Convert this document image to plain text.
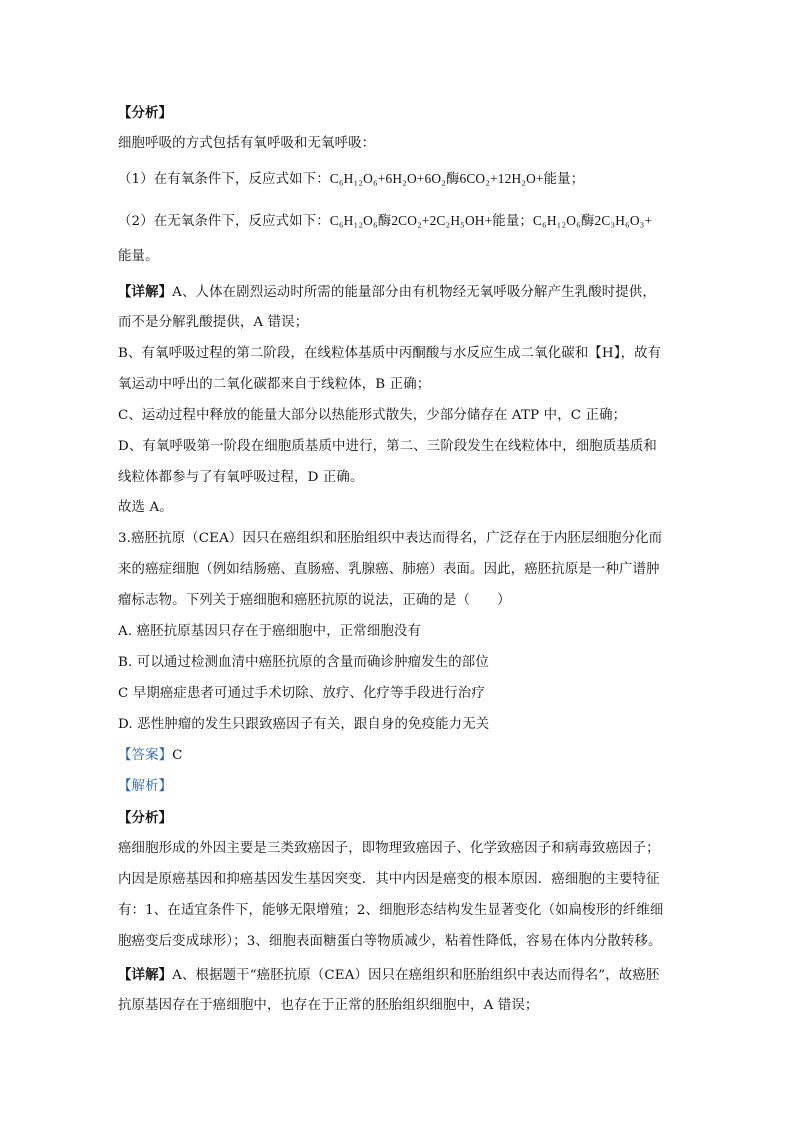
【分析】
细胞呼吸的方式包括有氧呼吸和无氧呼吸：
（1）在有氧条件下，反应式如下：C₆H₁₂O₆+6H₂O+6O₂酶6CO₂+12H₂O+能量；
（2）在无氧条件下，反应式如下：C₆H₁₂O₆酶2CO₂+2C₂H₅OH+能量；C₆H₁₂O₆酶2C₃H₆O₃+
能量。
【详解】A、人体在剧烈运动时所需的能量部分由有机物经无氧呼吸分解产生乳酸时提供，
而不是分解乳酸提供，A 错误；
B、有氧呼吸过程的第二阶段，在线粒体基质中丙酮酸与水反应生成二氧化碳和【H】，故有
氧运动中呼出的二氧化碳都来自于线粒体，B 正确；
C、运动过程中释放的能量大部分以热能形式散失，少部分储存在 ATP 中，C 正确；
D、有氧呼吸第一阶段在细胞质基质中进行，第二、三阶段发生在线粒体中，细胞质基质和
线粒体都参与了有氧呼吸过程，D 正确。
故选 A。
3.癌胚抗原（CEA）因只在癌组织和胚胎组织中表达而得名，广泛存在于内胚层细胞分化而
来的癌症细胞（例如结肠癌、直肠癌、乳腺癌、肺癌）表面。因此，癌胚抗原是一种广谱肿
瘤标志物。下列关于癌细胞和癌胚抗原的说法，正确的是（　　）
A. 癌胚抗原基因只存在于癌细胞中，正常细胞没有
B. 可以通过检测血清中癌胚抗原的含量而确诊肿瘤发生的部位
C 早期癌症患者可通过手术切除、放疗、化疗等手段进行治疗
D. 恶性肿瘤的发生只跟致癌因子有关，跟自身的免疫能力无关
【答案】C
【解析】
【分析】
癌细胞形成的外因主要是三类致癌因子，即物理致癌因子、化学致癌因子和病毒致癌因子；
内因是原癌基因和抑癌基因发生基因突变．其中内因是癌变的根本原因．癌细胞的主要特征
有：1、在适宜条件下，能够无限增殖；2、细胞形态结构发生显著变化（如扁梭形的纤维细
胞癌变后变成球形）；3、细胞表面糖蛋白等物质减少，粘着性降低，容易在体内分散转移。
【详解】A、根据题干“癌胚抗原（CEA）因只在癌组织和胚胎组织中表达而得名”，故癌胚
抗原基因存在于癌细胞中，也存在于正常的胚胎组织细胞中，A 错误；
